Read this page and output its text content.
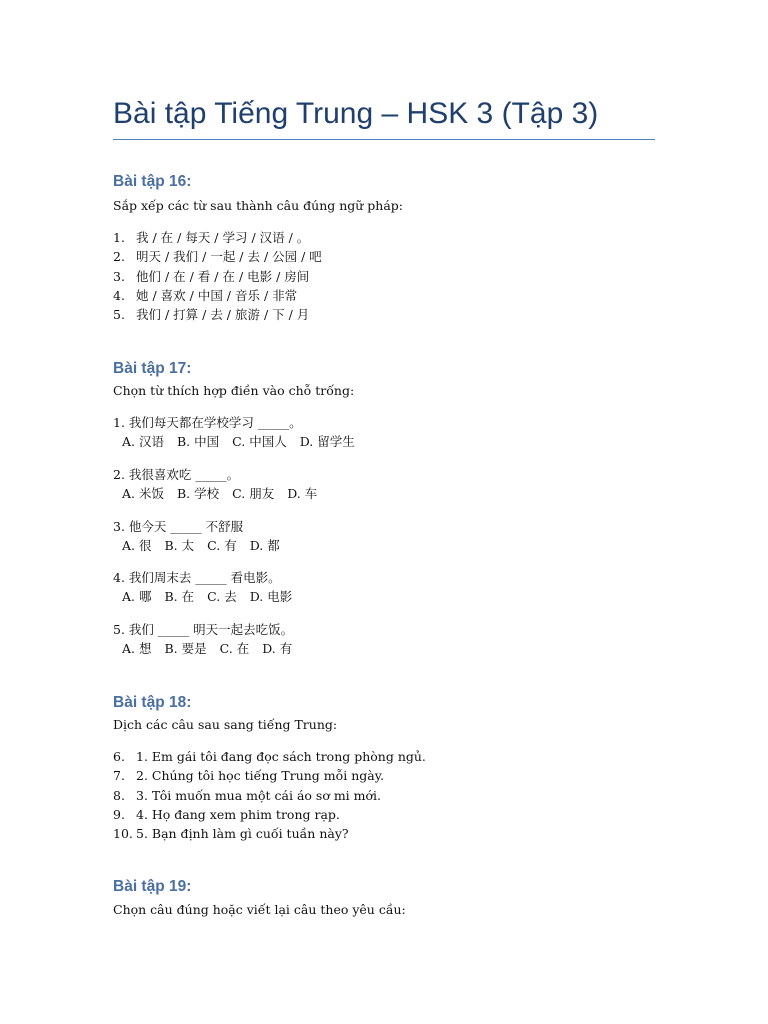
Bài tập Tiếng Trung – HSK 3 (Tập 3)
Bài tập 16:
Sắp xếp các từ sau thành câu đúng ngữ pháp:
1. 我 / 在 / 每天 / 学习 / 汉语 / 。
2. 明天 / 我们 / 一起 / 去 / 公园 / 吧
3. 他们 / 在 / 看 / 在 / 电影 / 房间
4. 她 / 喜欢 / 中国 / 音乐 / 非常
5. 我们 / 打算 / 去 / 旅游 / 下 / 月
Bài tập 17:
Chọn từ thích hợp điền vào chỗ trống:
1. 我们每天都在学校学习 _____。
A. 汉语 B. 中国 C. 中国人 D. 留学生
2. 我很喜欢吃 _____。
A. 米饭 B. 学校 C. 朋友 D. 车
3. 他今天 _____ 不舒服
A. 很 B. 太 C. 有 D. 都
4. 我们周末去 _____ 看电影。
A. 哪 B. 在 C. 去 D. 电影
5. 我们 _____ 明天一起去吃饭。
A. 想 B. 要是 C. 在 D. 有
Bài tập 18:
Dịch các câu sau sang tiếng Trung:
6. 1. Em gái tôi đang đọc sách trong phòng ngủ.
7. 2. Chúng tôi học tiếng Trung mỗi ngày.
8. 3. Tôi muốn mua một cái áo sơ mi mới.
9. 4. Họ đang xem phim trong rạp.
10. 5. Bạn định làm gì cuối tuần này?
Bài tập 19:
Chọn câu đúng hoặc viết lại câu theo yêu cầu:
